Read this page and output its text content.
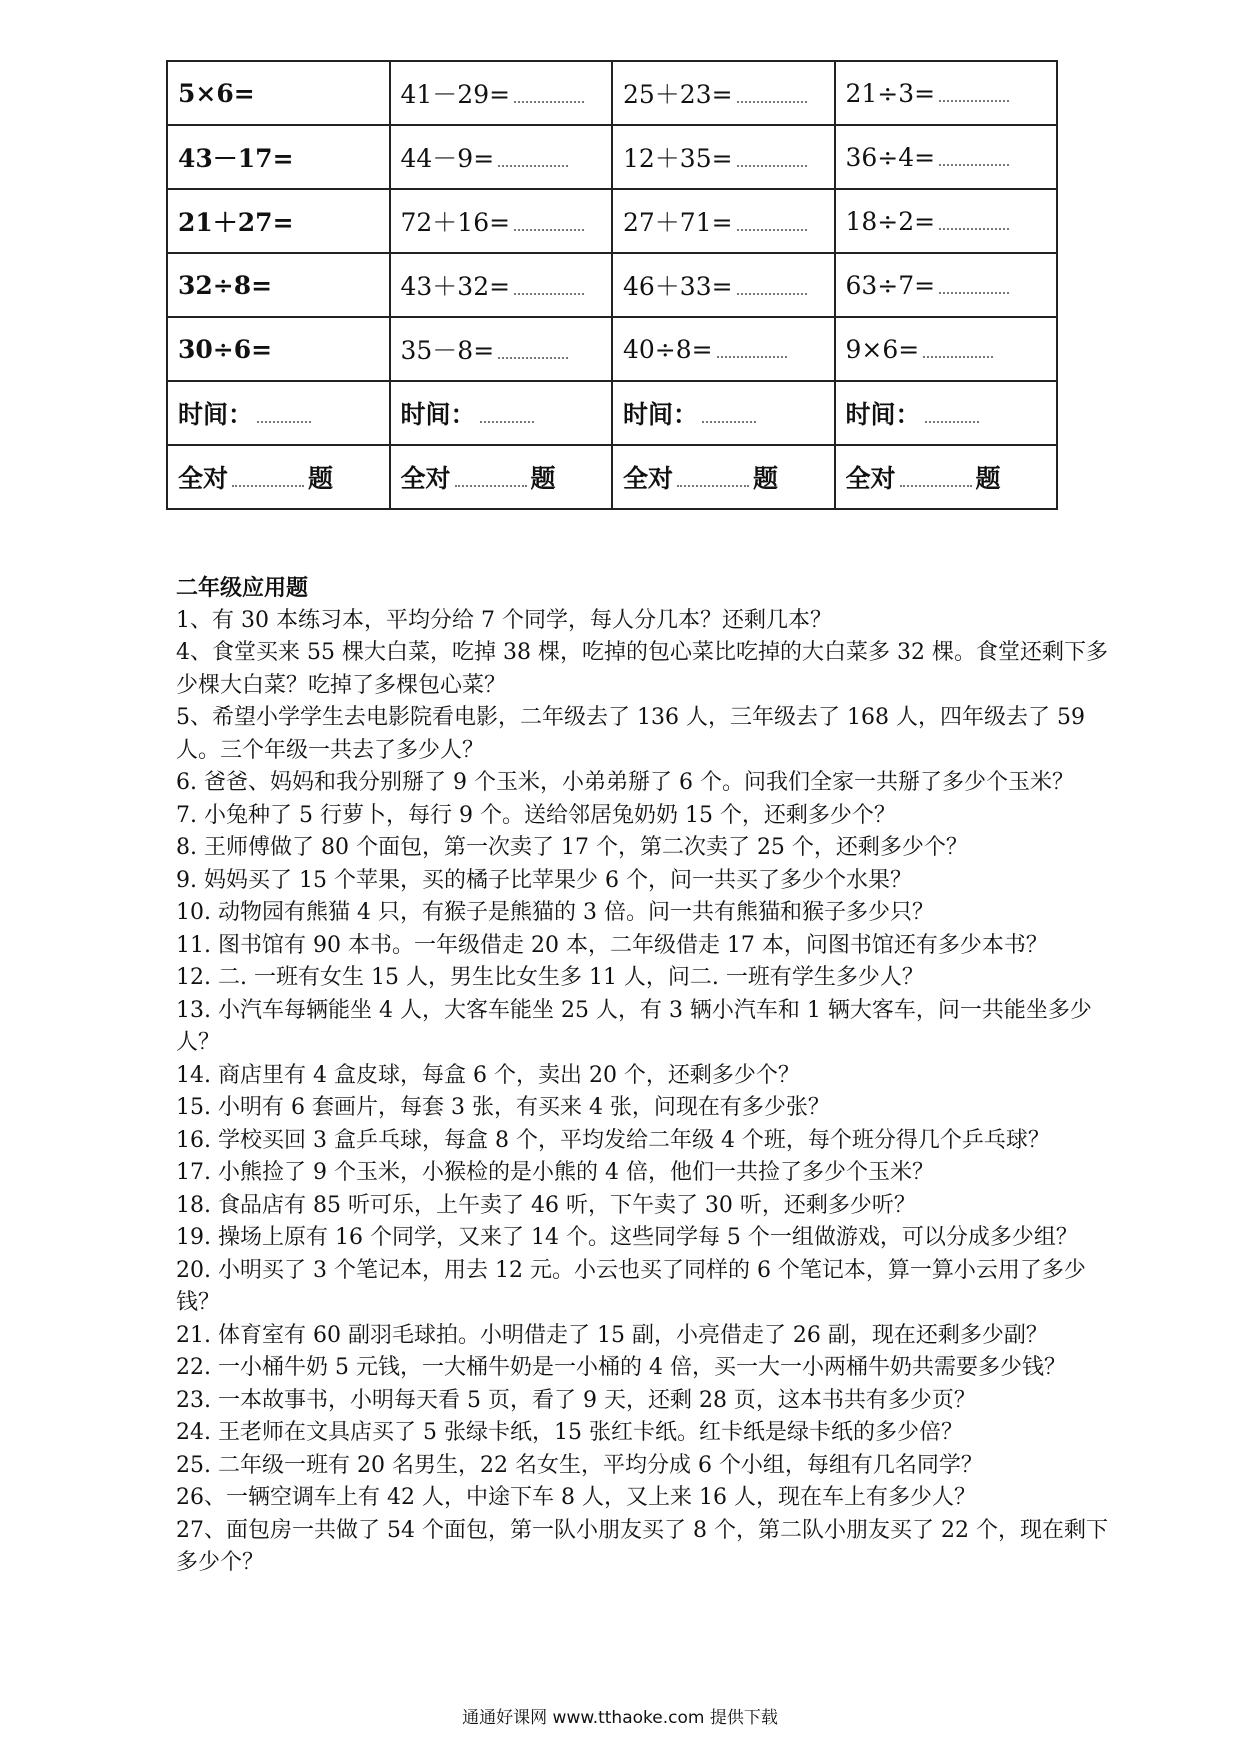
5×6=	41－29=	25＋23=	21÷3=
43－17=	44－9=	12＋35=	36÷4=
21＋27=	72＋16=	27＋71=	18÷2=
32÷8=	43＋32=	46＋33=	63÷7=
30÷6=	35－8=	40÷8=	9×6=
时间：	时间：	时间：	时间：
全对 题	全对 题	全对 题	全对 题

二年级应用题

1、有 30 本练习本，平均分给 7 个同学，每人分几本？还剩几本？

4、食堂买来 55 棵大白菜，吃掉 38 棵，吃掉的包心菜比吃掉的大白菜多 32 棵。食堂还剩下多少棵大白菜？吃掉了多棵包心菜？

5、希望小学学生去电影院看电影，二年级去了 136 人，三年级去了 168 人，四年级去了 59 人。三个年级一共去了多少人？

6. 爸爸、妈妈和我分别掰了 9 个玉米，小弟弟掰了 6 个。问我们全家一共掰了多少个玉米？

7. 小兔种了 5 行萝卜，每行 9 个。送给邻居兔奶奶 15 个，还剩多少个？

8. 王师傅做了 80 个面包，第一次卖了 17 个，第二次卖了 25 个，还剩多少个？

9. 妈妈买了 15 个苹果，买的橘子比苹果少 6 个，问一共买了多少个水果？

10. 动物园有熊猫 4 只，有猴子是熊猫的 3 倍。问一共有熊猫和猴子多少只？

11. 图书馆有 90 本书。一年级借走 20 本，二年级借走 17 本，问图书馆还有多少本书？

12. 二. 一班有女生 15 人，男生比女生多 11 人，问二. 一班有学生多少人？

13. 小汽车每辆能坐 4 人，大客车能坐 25 人，有 3 辆小汽车和 1 辆大客车，问一共能坐多少人？

14. 商店里有 4 盒皮球，每盒 6 个，卖出 20 个，还剩多少个？

15. 小明有 6 套画片，每套 3 张，有买来 4 张，问现在有多少张？

16. 学校买回 3 盒乒乓球，每盒 8 个，平均发给二年级 4 个班，每个班分得几个乒乓球？

17. 小熊捡了 9 个玉米，小猴检的是小熊的 4 倍，他们一共捡了多少个玉米？

18. 食品店有 85 听可乐，上午卖了 46 听，下午卖了 30 听，还剩多少听？

19. 操场上原有 16 个同学，又来了 14 个。这些同学每 5 个一组做游戏，可以分成多少组？

20. 小明买了 3 个笔记本，用去 12 元。小云也买了同样的 6 个笔记本，算一算小云用了多少钱？

21. 体育室有 60 副羽毛球拍。小明借走了 15 副，小亮借走了 26 副，现在还剩多少副？

22. 一小桶牛奶 5 元钱，一大桶牛奶是一小桶的 4 倍，买一大一小两桶牛奶共需要多少钱？

23. 一本故事书，小明每天看 5 页，看了 9 天，还剩 28 页，这本书共有多少页？

24. 王老师在文具店买了 5 张绿卡纸，15 张红卡纸。红卡纸是绿卡纸的多少倍？

25. 二年级一班有 20 名男生，22 名女生，平均分成 6 个小组，每组有几名同学？

26、一辆空调车上有 42 人，中途下车 8 人，又上来 16 人，现在车上有多少人？

27、面包房一共做了 54 个面包，第一队小朋友买了 8 个，第二队小朋友买了 22 个，现在剩下多少个？

通通好课网 www.tthaoke.com 提供下载
